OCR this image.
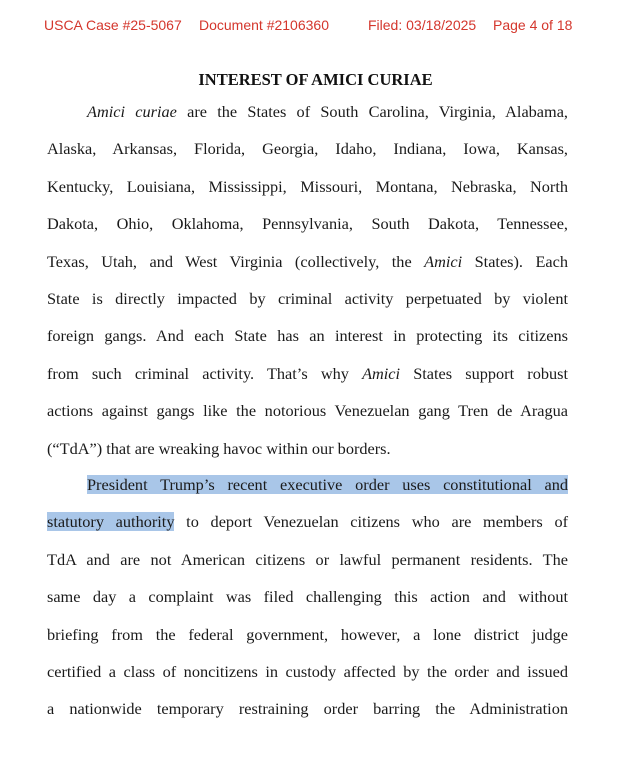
USCA Case #25-5067 Document #2106360	Filed: 03/18/2025 Page 4 of 18
INTEREST OF AMICI CURIAE
Amici curiae are the States of South Carolina, Virginia, Alabama,
Alaska, Arkansas, Florida, Georgia, Idaho, Indiana, Iowa, Kansas,
Kentucky, Louisiana, Mississippi, Missouri, Montana, Nebraska, North
Dakota, Ohio, Oklahoma, Pennsylvania, South Dakota, Tennessee,
Texas, Utah, and West Virginia (collectively, the Amici States). Each
State is directly impacted by criminal activity perpetuated by violent
foreign gangs. And each State has an interest in protecting its citizens
from such criminal activity. That’s why Amici States support robust
actions against gangs like the notorious Venezuelan gang Tren de Aragua
(“TdA”) that are wreaking havoc within our borders.
President Trump’s recent executive order uses constitutional and
statutory authority to deport Venezuelan citizens who are members of
TdA and are not American citizens or lawful permanent residents. The
same day a complaint was filed challenging this action and without
briefing from the federal government, however, a lone district judge
certified a class of noncitizens in custody affected by the order and issued
a nationwide temporary restraining order barring the Administration
